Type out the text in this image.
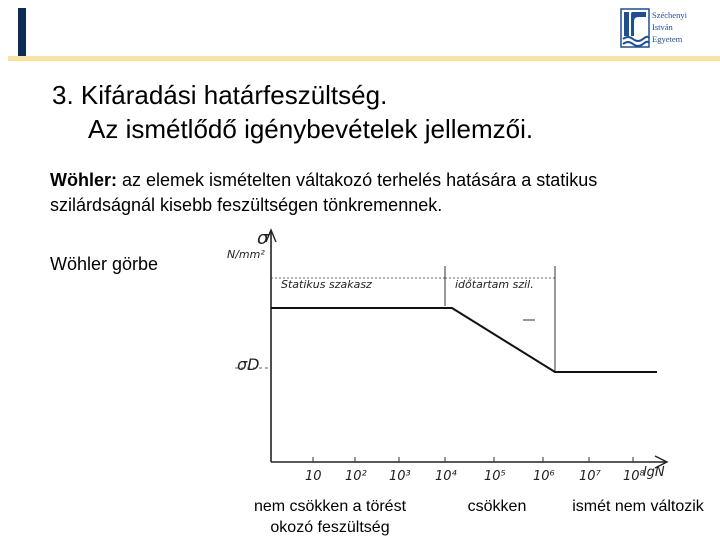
Széchenyi
István
Egyetem
3. Kifáradási határfeszültség.
Az ismétlődő igénybevételek jellemzői.
Wöhler: az elemek ismételten váltakozó terhelés hatására a statikus szilárdságnál kisebb feszültségen tönkremennek.
Wöhler görbe
σ
N/mm²
σD
Statikus szakasz	időtartam szil.
10 10² 10³ 10⁴ 10⁵ 10⁶ 10⁷ 10⁸
lgN
nem csökken a törést okozó feszültség
csökken	ismét nem változik
